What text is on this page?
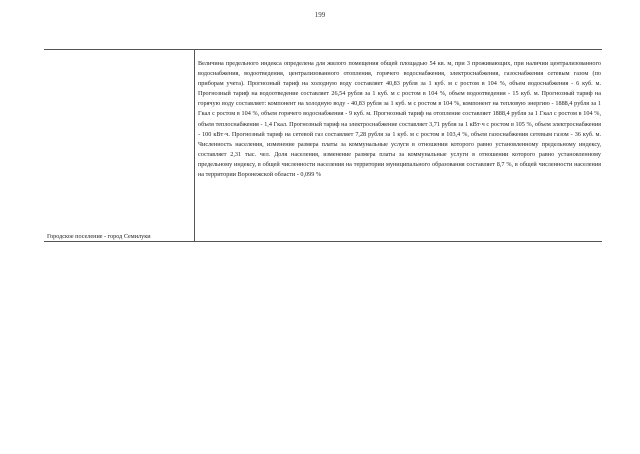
199
Городское поселение - город Семилуки
Величина предельного индекса определена для жилого помещения общей площадью 54 кв. м, при 3 проживающих, при наличии централизованного водоснабжения, водоотведения, централизованного отопления, горячего водоснабжения, электроснабжения, газоснабжения сетевым газом (по приборам учета). Прогнозный тариф на холодную воду составляет 40,83 рубля за 1 куб. м с ростом в 104 %, объем водоснабжения - 6 куб. м. Прогнозный тариф на водоотведение составляет 26,54 рубля за 1 куб. м с ростом в 104 %, объем водоотведения - 15 куб. м. Прогнозный тариф на горячую воду составляет: компонент на холодную воду - 40,83 рубля за 1 куб. м с ростом в 104 %, компонент на тепловую энергию - 1888,4 рубля за 1 Гкал с ростом в 104 %, объем горячего водоснабжения - 9 куб. м. Прогнозный тариф на отопление составляет 1888,4 рубля за 1 Гкал с ростом в 104 %, объем теплоснабжения - 1,4 Гкал. Прогнозный тариф на электроснабжение составляет 3,71 рубля за 1 кВт·ч с ростом в 105 %, объем электроснабжения - 100 кВт·ч. Прогнозный тариф на сетевой газ составляет 7,28 рубля за 1 куб. м с ростом в 103,4 %, объем газоснабжения сетевым газом - 36 куб. м. Численность населения, изменение размера платы за коммунальные услуги в отношении которого равно установленному предельному индексу, составляет 2,31 тыс. чел. Доля населения, изменение размера платы за коммунальные услуги в отношении которого равно установленному предельному индексу, в общей численности населения на территории муниципального образования составляет 8,7 %, в общей численности населения на территории Воронежской области - 0,099 %
